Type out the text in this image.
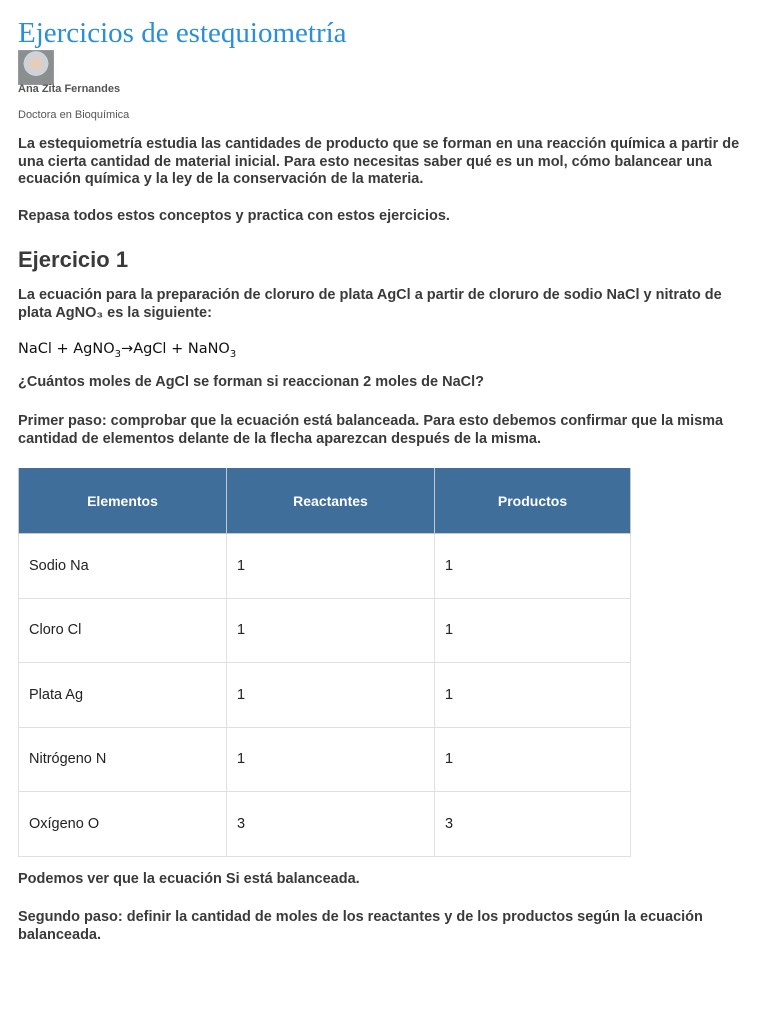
Ejercicios de estequiometría
Ana Zita Fernandes
Doctora en Bioquímica

La estequiometría estudia las cantidades de producto que se forman en una reacción química a partir de una cierta cantidad de material inicial. Para esto necesitas saber qué es un mol, cómo balancear una ecuación química y la ley de la conservación de la materia.

Repasa todos estos conceptos y practica con estos ejercicios.

Ejercicio 1

La ecuación para la preparación de cloruro de plata AgCl a partir de cloruro de sodio NaCl y nitrato de plata AgNO₃ es la siguiente:

NaCl + AgNO$_3$→AgCl + NaNO$_3$

¿Cuántos moles de AgCl se forman si reaccionan 2 moles de NaCl?

Primer paso: comprobar que la ecuación está balanceada. Para esto debemos confirmar que la misma cantidad de elementos delante de la flecha aparezcan después de la misma.

Elementos	Reactantes	Productos
Sodio Na	1	1
Cloro Cl	1	1
Plata Ag	1	1
Nitrógeno N	1	1
Oxígeno O	3	3

Podemos ver que la ecuación Si está balanceada.

Segundo paso: definir la cantidad de moles de los reactantes y de los productos según la ecuación balanceada.
